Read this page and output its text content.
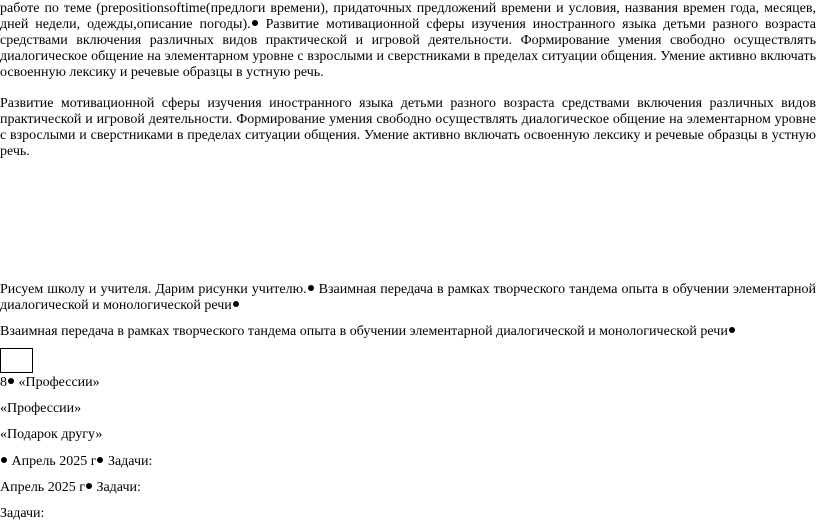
работе по теме (prepositionsoftime(предлоги времени), придаточных предложений времени и условия, названия времен года, месяцев, дней недели, одежды,описание погоды). Развитие мотивационной сферы изучения иностранного языка детьми разного возраста средствами включения различных видов практической и игровой деятельности. Формирование умения свободно осуществлять диалогическое общение на элементарном уровне с взрослыми и сверстниками в пределах ситуации общения. Умение активно включать освоенную лексику и речевые образцы в устную речь.

Развитие мотивационной сферы изучения иностранного языка детьми разного возраста средствами включения различных видов практической и игровой деятельности. Формирование умения свободно осуществлять диалогическое общение на элементарном уровне с взрослыми и сверстниками в пределах ситуации общения. Умение активно включать освоенную лексику и речевые образцы в устную речь.

Рисуем школу и учителя. Дарим рисунки учителю. Взаимная передача в рамках творческого тандема опыта в обучении элементарной диалогической и монологической речи

Взаимная передача в рамках творческого тандема опыта в обучении элементарной диалогической и монологической речи

8 «Профессии»

«Профессии»

«Подарок другу»

Апрель 2025 г Задачи:

Апрель 2025 г Задачи:

Задачи:
